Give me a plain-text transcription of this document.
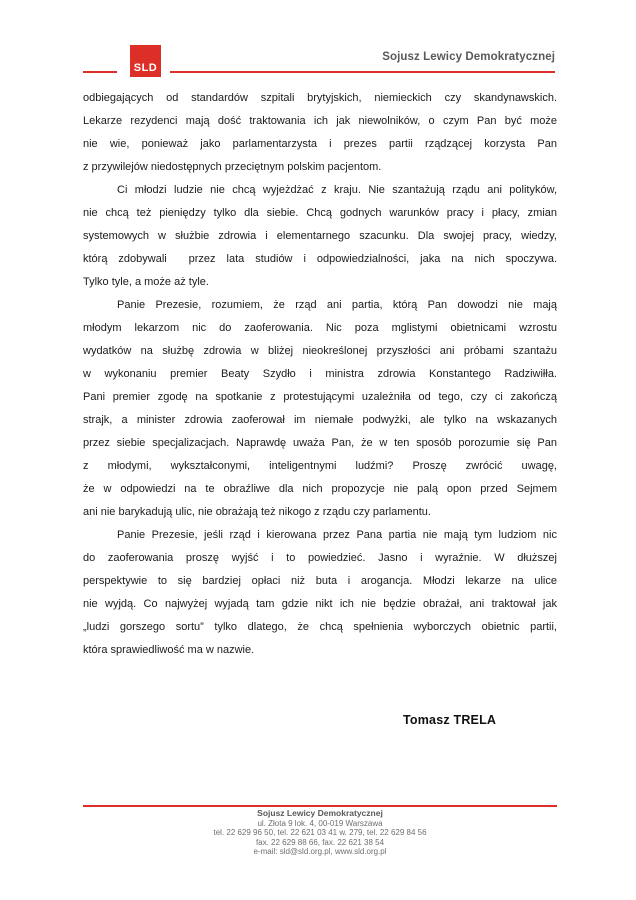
SLD
Sojusz Lewicy Demokratycznej
odbiegających od standardów szpitali brytyjskich, niemieckich czy skandynawskich.
Lekarze rezydenci mają dość traktowania ich jak niewolników, o czym Pan być może
nie wie, ponieważ jako parlamentarzysta i prezes partii rządzącej korzysta Pan
z przywilejów niedostępnych przeciętnym polskim pacjentom.
Ci młodzi ludzie nie chcą wyjeżdżać z kraju. Nie szantażują rządu ani polityków,
nie chcą też pieniędzy tylko dla siebie. Chcą godnych warunków pracy i płacy, zmian
systemowych w służbie zdrowia i elementarnego szacunku. Dla swojej pracy, wiedzy,
którą zdobywali  przez lata studiów i odpowiedzialności, jaka na nich spoczywa.
Tylko tyle, a może aż tyle.
Panie Prezesie, rozumiem, że rząd ani partia, którą Pan dowodzi nie mają
młodym lekarzom nic do zaoferowania. Nic poza mglistymi obietnicami wzrostu
wydatków na służbę zdrowia w bliżej nieokreślonej przyszłości ani próbami szantażu
w wykonaniu premier Beaty Szydło i ministra zdrowia Konstantego Radziwiłła.
Pani premier zgodę na spotkanie z protestującymi uzależniła od tego, czy ci zakończą
strajk, a minister zdrowia zaoferował im niemałe podwyżki, ale tylko na wskazanych
przez siebie specjalizacjach. Naprawdę uważa Pan, że w ten sposób porozumie się Pan
z młodymi, wykształconymi, inteligentnymi ludźmi? Proszę zwrócić uwagę,
że w odpowiedzi na te obraźliwe dla nich propozycje nie palą opon przed Sejmem
ani nie barykadują ulic, nie obrażają też nikogo z rządu czy parlamentu.
Panie Prezesie, jeśli rząd i kierowana przez Pana partia nie mają tym ludziom nic
do zaoferowania proszę wyjść i to powiedzieć. Jasno i wyraźnie. W dłuższej
perspektywie to się bardziej opłaci niż buta i arogancja. Młodzi lekarze na ulice
nie wyjdą. Co najwyżej wyjadą tam gdzie nikt ich nie będzie obrażał, ani traktował jak
„ludzi gorszego sortu” tylko dlatego, że chcą spełnienia wyborczych obietnic partii,
która sprawiedliwość ma w nazwie.
Tomasz TRELA
Sojusz Lewicy Demokratycznej
ul. Złota 9 lok. 4, 00-019 Warszawa
tel. 22 629 96 50, tel. 22 621 03 41 w. 279, tel. 22 629 84 56
fax. 22 629 88 66, fax. 22 621 38 54
e-mail: sld@sld.org.pl, www.sld.org.pl
